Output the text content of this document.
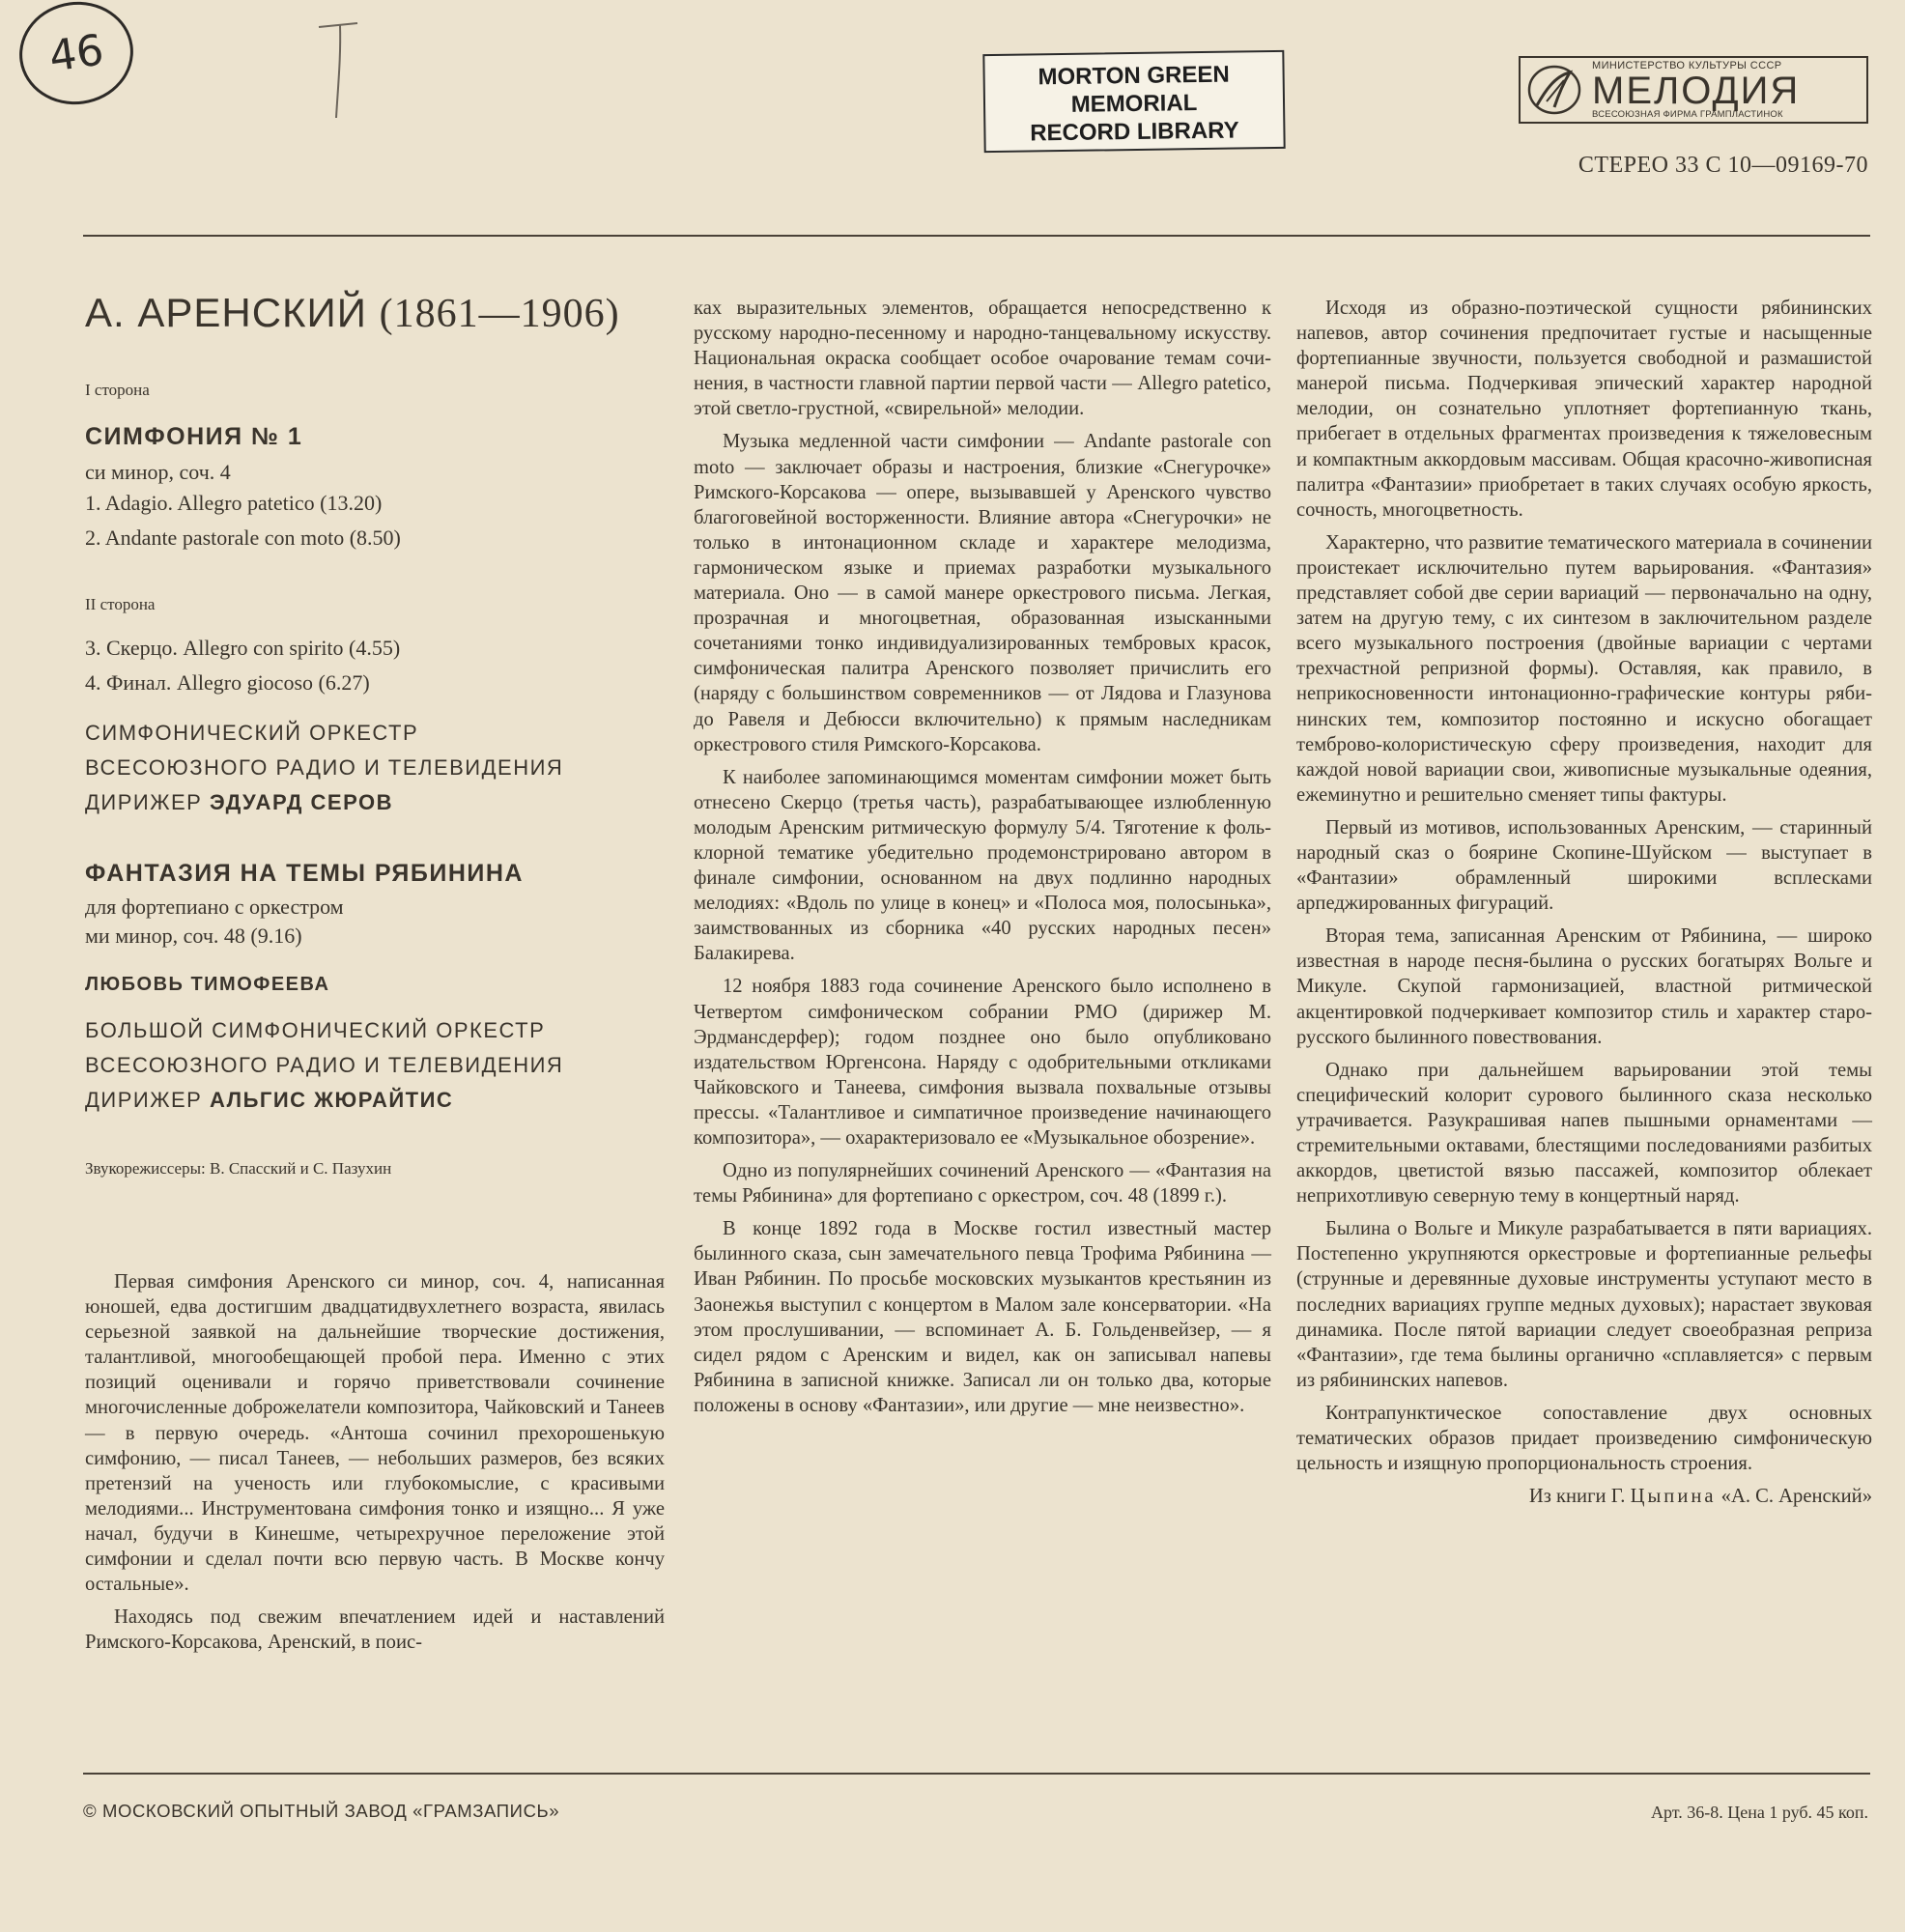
46	MORTON GREEN
MEMORIAL
RECORD LIBRARY
МИНИСТЕРСТВО КУЛЬТУРЫ СССР
МЕЛОДИЯ
ВСЕСОЮЗНАЯ ФИРМА ГРАМПЛАСТИНОК
СТЕРЕО 33 С 10—09169-70
А. АРЕНСКИЙ (1861—1906)
I сторона
СИМФОНИЯ № 1
си минор, соч. 4
1. Adagio. Allegro patetico (13.20)
2. Andante pastorale con moto (8.50)
II сторона
3. Скерцо. Allegro con spirito (4.55)
4. Финал. Allegro giocoso (6.27)
СИМФОНИЧЕСКИЙ ОРКЕСТР
ВСЕСОЮЗНОГО РАДИО И ТЕЛЕВИДЕНИЯ
ДИРИЖЕР ЭДУАРД СЕРОВ
ФАНТАЗИЯ НА ТЕМЫ РЯБИНИНА
для фортепиано с оркестром
ми минор, соч. 48 (9.16)
ЛЮБОВЬ ТИМОФЕЕВА
БОЛЬШОЙ СИМФОНИЧЕСКИЙ ОРКЕСТР
ВСЕСОЮЗНОГО РАДИО И ТЕЛЕВИДЕНИЯ
ДИРИЖЕР АЛЬГИС ЖЮРАЙТИС
Звукорежиссеры: В. Спасский и С. Пазухин

Первая симфония Аренского си минор, соч. 4, написанная юношей, едва достигшим двадцатидвухлетнего возраста, явилась серьезной заявкой на дальнейшие творческие достижения, талантливой, многообещающей пробой пера. Именно с этих позиций оценивали и горячо приветствовали сочинение многочисленные доброжелатели композитора, Чайковский и Танеев — в первую очередь. «Антоша сочинил прехорошенькую симфонию, — писал Танеев, — небольших размеров, без всяких претензий на ученость или глубокомыслие, с красивыми мелодиями... Инструментована симфония тонко и изящно... Я уже начал, будучи в Кинешме, четырехручное переложение этой симфонии и сделал почти всю первую часть. В Москве кончу остальные».

Находясь под свежим впечатлением идей и наставлений Римского-Корсакова, Аренский, в поис-

ках выразительных элементов, обращается непосредственно к русскому народно-песенному и народно-танцевальному искусству. Национальная окраска сообщает особое очарование темам сочинения, в частности главной партии первой части — Allegro patetico, этой светло-грустной, «свирельной» мелодии.

Музыка медленной части симфонии — Andante pastorale con moto — заключает образы и настроения, близкие «Снегурочке» Римского-Корсакова — опере, вызывавшей у Аренского чувство благоговейной восторженности. Влияние автора «Снегурочки» не только в интонационном складе и характере мелодизма, гармоническом языке и приемах разработки музыкального материала. Оно — в самой манере оркестрового письма. Легкая, прозрачная и многоцветная, образованная изысканными сочетаниями тонко индивидуализированных тембровых красок, симфоническая палитра Аренского позволяет причислить его (наряду с большинством современников — от Лядова и Глазунова до Равеля и Дебюсси включительно) к прямым наследникам оркестрового стиля Римского-Корсакова.

К наиболее запоминающимся моментам симфонии может быть отнесено Скерцо (третья часть), разрабатывающее излюбленную молодым Аренским ритмическую формулу 5/4. Тяготение к фольклорной тематике убедительно продемонстрировано автором в финале симфонии, основанном на двух подлинно народных мелодиях: «Вдоль по улице в конец» и «Полоса моя, полосынька», заимствованных из сборника «40 русских народных песен» Балакирева.

12 ноября 1883 года сочинение Аренского было исполнено в Четвертом симфоническом собрании РМО (дирижер М. Эрдмансдерфер); годом позднее оно было опубликовано издательством Юргенсона. Наряду с одобрительными откликами Чайковского и Танеева, симфония вызвала похвальные отзывы прессы. «Талантливое и симпатичное произведение начинающего композитора», — охарактеризовало ее «Музыкальное обозрение».

Одно из популярнейших сочинений Аренского — «Фантазия на темы Рябинина» для фортепиано с оркестром, соч. 48 (1899 г.).

В конце 1892 года в Москве гостил известный мастер былинного сказа, сын замечательного певца Трофима Рябинина — Иван Рябинин. По просьбе московских музыкантов крестьянин из Заонежья выступил с концертом в Малом зале консерватории. «На этом прослушивании, — вспоминает А. Б. Гольденвейзер, — я сидел рядом с Аренским и видел, как он записывал напевы Рябинина в записной книжке. Записал ли он только два, которые положены в основу «Фантазии», или другие — мне неизвестно».

Исходя из образно-поэтической сущности рябининских напевов, автор сочинения предпочитает густые и насыщенные фортепианные звучности, пользуется свободной и размашистой манерой письма. Подчеркивая эпический характер народной мелодии, он сознательно уплотняет фортепианную ткань, прибегает в отдельных фрагментах произведения к тяжеловесным и компактным аккордовым массивам. Общая красочно-живописная палитра «Фантазии» приобретает в таких случаях особую яркость, сочность, многоцветность.

Характерно, что развитие тематического материала в сочинении проистекает исключительно путем варьирования. «Фантазия» представляет собой две серии вариаций — первоначально на одну, затем на другую тему, с их синтезом в заключительном разделе всего музыкального построения (двойные вариации с чертами трехчастной репризной формы). Оставляя, как правило, в неприкосновенности интонационно-графические контуры рябининских тем, композитор постоянно и искусно обогащает темброво-колористическую сферу произведения, находит для каждой новой вариации свои, живописные музыкальные одеяния, ежеминутно и решительно сменяет типы фактуры.

Первый из мотивов, использованных Аренским, — старинный народный сказ о боярине Скопине-Шуйском — выступает в «Фантазии» обрамленный широкими всплесками арпеджированных фигураций.

Вторая тема, записанная Аренским от Рябинина, — широко известная в народе песня-былина о русских богатырях Вольге и Микуле. Скупой гармонизацией, властной ритмической акцентировкой подчеркивает композитор стиль и характер старорусского былинного повествования.

Однако при дальнейшем варьировании этой темы специфический колорит сурового былинного сказа несколько утрачивается. Разукрашивая напев пышными орнаментами — стремительными октавами, блестящими последованиями разбитых аккордов, цветистой вязью пассажей, композитор облекает неприхотливую северную тему в концертный наряд.

Былина о Вольге и Микуле разрабатывается в пяти вариациях. Постепенно укрупняются оркестровые и фортепианные рельефы (струнные и деревянные духовые инструменты уступают место в последних вариациях группе медных духовых); нарастает звуковая динамика. После пятой вариации следует своеобразная реприза «Фантазии», где тема былины органично «сплавляется» с первым из рябининских напевов.

Контрапунктическое сопоставление двух основных тематических образов придает произведению симфоническую цельность и изящную пропорциональность строения.

Из книги Г. Цыпина «А. С. Аренский»

© МОСКОВСКИЙ ОПЫТНЫЙ ЗАВОД «ГРАМЗАПИСЬ»	Арт. 36-8. Цена 1 руб. 45 коп.
